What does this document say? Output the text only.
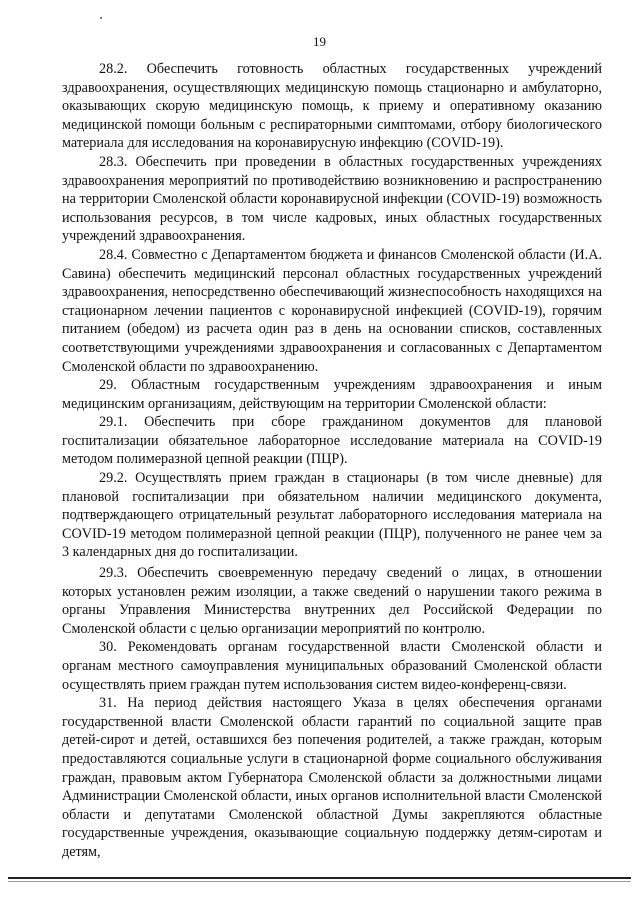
19

28.2. Обеспечить готовность областных государственных учреждений здравоохранения, осуществляющих медицинскую помощь стационарно и амбулаторно, оказывающих скорую медицинскую помощь, к приему и оперативному оказанию медицинской помощи больным с респираторными симптомами, отбору биологического материала для исследования на коронавирусную инфекцию (COVID-19).

28.3. Обеспечить при проведении в областных государственных учреждениях здравоохранения мероприятий по противодействию возникновению и распространению на территории Смоленской области коронавирусной инфекции (COVID-19) возможность использования ресурсов, в том числе кадровых, иных областных государственных учреждений здравоохранения.

28.4. Совместно с Департаментом бюджета и финансов Смоленской области (И.А. Савина) обеспечить медицинский персонал областных государственных учреждений здравоохранения, непосредственно обеспечивающий жизнеспособность находящихся на стационарном лечении пациентов с коронавирусной инфекцией (COVID-19), горячим питанием (обедом) из расчета один раз в день на основании списков, составленных соответствующими учреждениями здравоохранения и согласованных с Департаментом Смоленской области по здравоохранению.

29. Областным государственным учреждениям здравоохранения и иным медицинским организациям, действующим на территории Смоленской области:

29.1. Обеспечить при сборе гражданином документов для плановой госпитализации обязательное лабораторное исследование материала на COVID-19 методом полимеразной цепной реакции (ПЦР).

29.2. Осуществлять прием граждан в стационары (в том числе дневные) для плановой госпитализации при обязательном наличии медицинского документа, подтверждающего отрицательный результат лабораторного исследования материала на COVID-19 методом полимеразной цепной реакции (ПЦР), полученного не ранее чем за 3 календарных дня до госпитализации.

29.3. Обеспечить своевременную передачу сведений о лицах, в отношении которых установлен режим изоляции, а также сведений о нарушении такого режима в органы Управления Министерства внутренних дел Российской Федерации по Смоленской области с целью организации мероприятий по контролю.

30. Рекомендовать органам государственной власти Смоленской области и органам местного самоуправления муниципальных образований Смоленской области осуществлять прием граждан путем использования систем видео-конференц-связи.

31. На период действия настоящего Указа в целях обеспечения органами государственной власти Смоленской области гарантий по социальной защите прав детей-сирот и детей, оставшихся без попечения родителей, а также граждан, которым предоставляются социальные услуги в стационарной форме социального обслуживания граждан, правовым актом Губернатора Смоленской области за должностными лицами Администрации Смоленской области, иных органов исполнительной власти Смоленской области и депутатами Смоленской областной Думы закрепляются областные государственные учреждения, оказывающие социальную поддержку детям-сиротам и детям,
